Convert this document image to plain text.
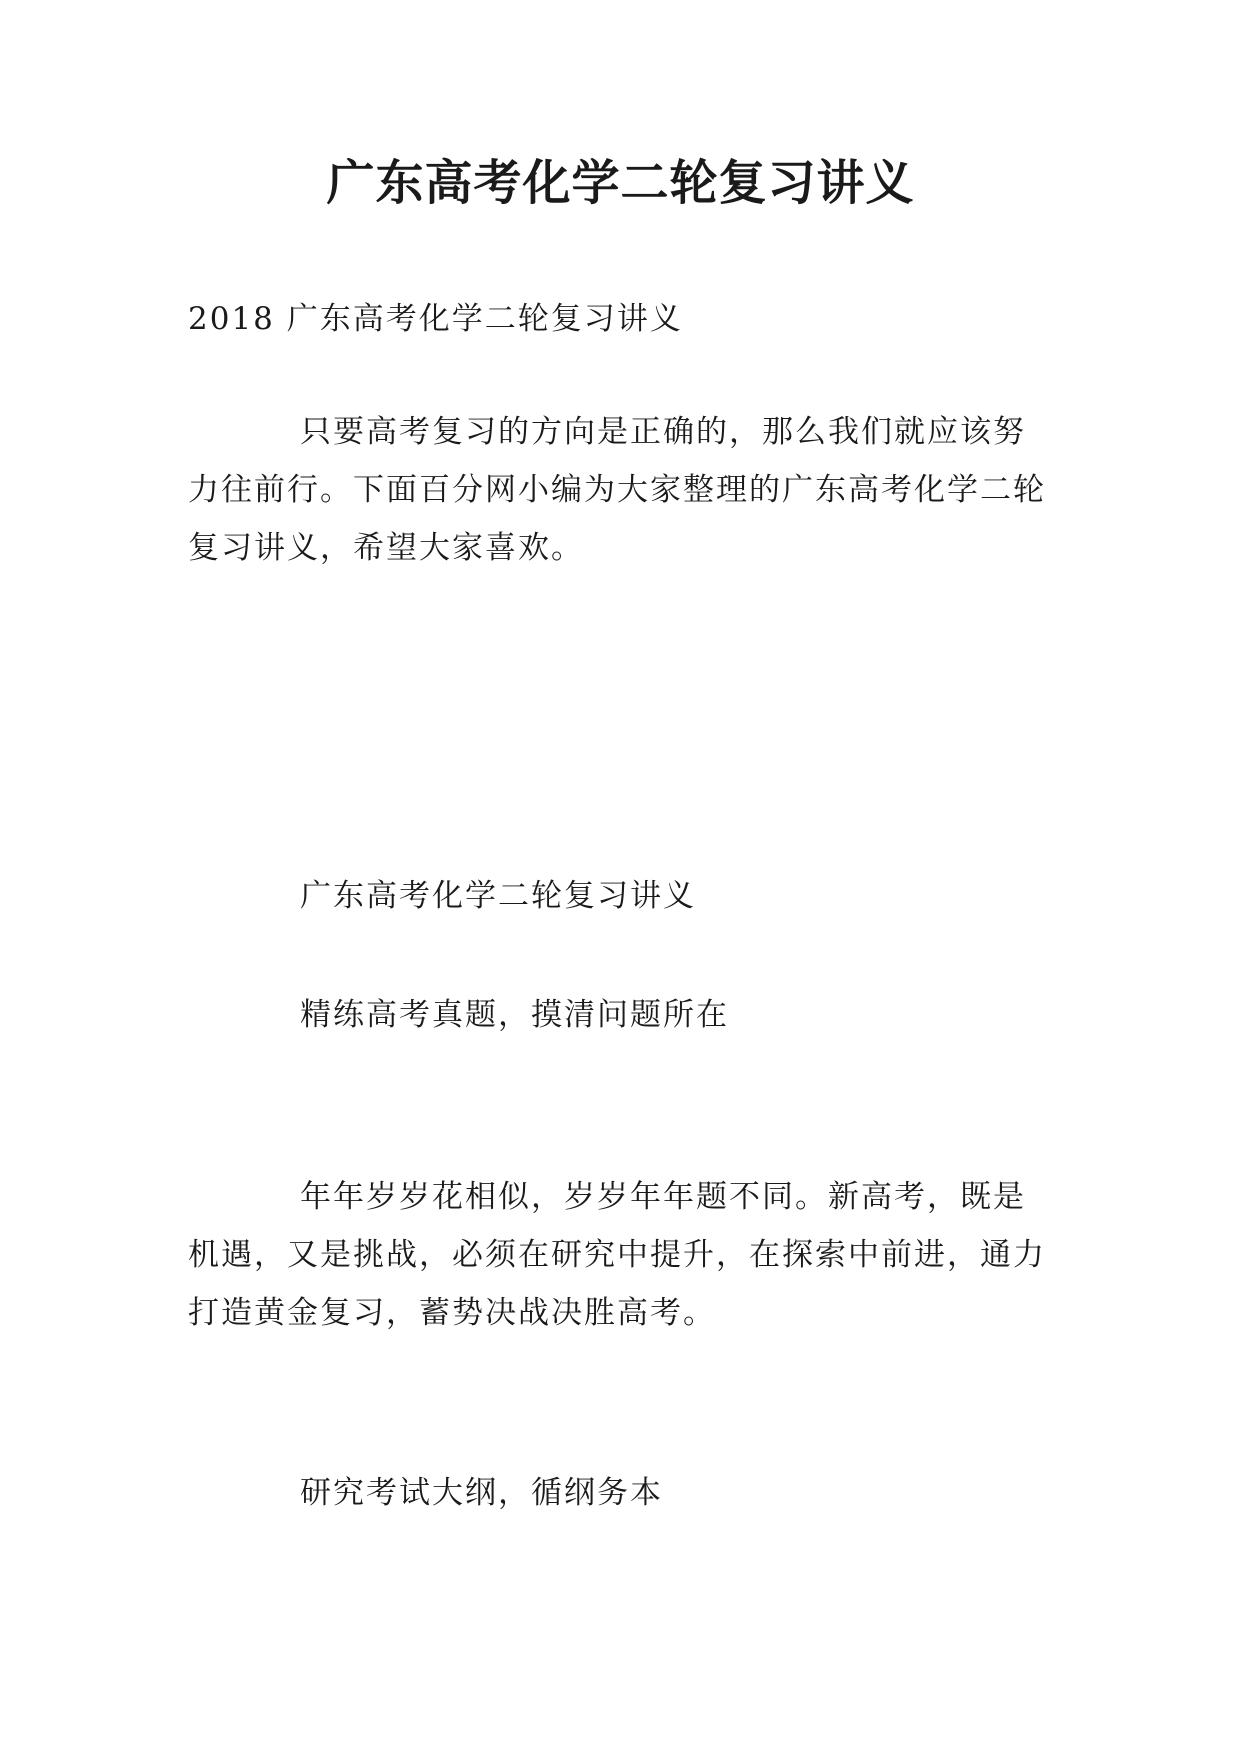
广东高考化学二轮复习讲义

2018 广东高考化学二轮复习讲义

只要高考复习的方向是正确的，那么我们就应该努力往前行。下面百分网小编为大家整理的广东高考化学二轮复习讲义，希望大家喜欢。

广东高考化学二轮复习讲义

精练高考真题，摸清问题所在

年年岁岁花相似，岁岁年年题不同。新高考，既是机遇，又是挑战，必须在研究中提升，在探索中前进，通力打造黄金复习，蓄势决战决胜高考。

研究考试大纲，循纲务本
